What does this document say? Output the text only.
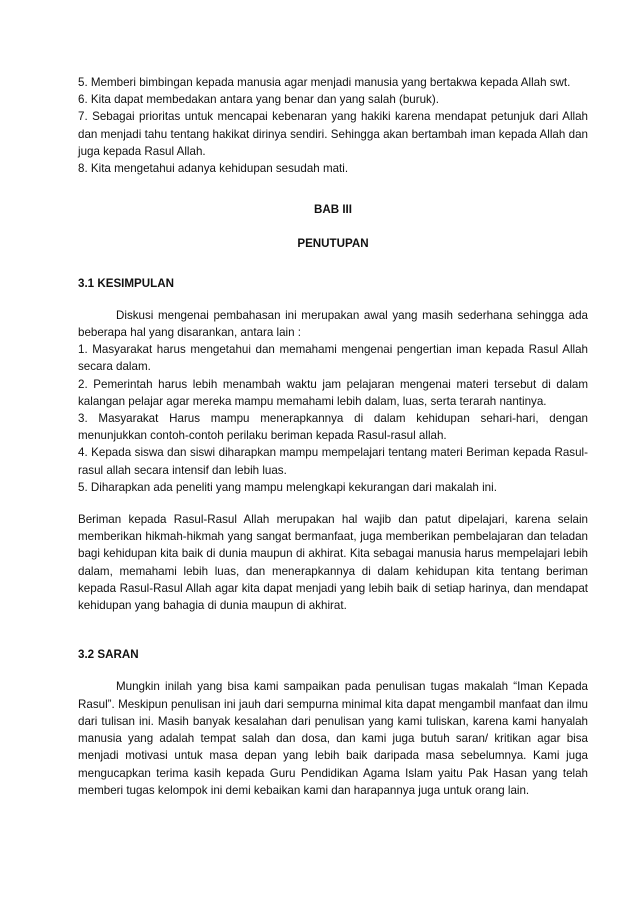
5. Memberi bimbingan kepada manusia agar menjadi manusia yang bertakwa kepada Allah swt.

6. Kita dapat membedakan antara yang benar dan yang salah (buruk).

7. Sebagai prioritas untuk mencapai kebenaran yang hakiki karena mendapat petunjuk dari Allah dan menjadi tahu tentang hakikat dirinya sendiri. Sehingga akan bertambah iman kepada Allah dan juga kepada Rasul Allah.

8. Kita mengetahui adanya kehidupan sesudah mati.

BAB III

PENUTUPAN

3.1 KESIMPULAN

Diskusi mengenai pembahasan ini merupakan awal yang masih sederhana sehingga ada beberapa hal yang disarankan, antara lain :

1. Masyarakat harus mengetahui dan memahami mengenai pengertian iman kepada Rasul Allah secara dalam.

2. Pemerintah harus lebih menambah waktu jam pelajaran mengenai materi tersebut di dalam kalangan pelajar agar mereka mampu memahami lebih dalam, luas, serta terarah nantinya.

3. Masyarakat Harus mampu menerapkannya di dalam kehidupan sehari-hari, dengan menunjukkan contoh-contoh perilaku beriman kepada Rasul-rasul allah.

4. Kepada siswa dan siswi diharapkan mampu mempelajari tentang materi Beriman kepada Rasul-rasul allah secara intensif dan lebih luas.

5. Diharapkan ada peneliti yang mampu melengkapi kekurangan dari makalah ini.

Beriman kepada Rasul-Rasul Allah merupakan hal wajib dan patut dipelajari, karena selain memberikan hikmah-hikmah yang sangat bermanfaat, juga memberikan pembelajaran dan teladan bagi kehidupan kita baik di dunia maupun di akhirat. Kita sebagai manusia harus mempelajari lebih dalam, memahami lebih luas, dan menerapkannya di dalam kehidupan kita tentang beriman kepada Rasul-Rasul Allah agar kita dapat menjadi yang lebih baik di setiap harinya, dan mendapat kehidupan yang bahagia di dunia maupun di akhirat.

3.2 SARAN

Mungkin inilah yang bisa kami sampaikan pada penulisan tugas makalah “Iman Kepada Rasul”. Meskipun penulisan ini jauh dari sempurna minimal kita dapat mengambil manfaat dan ilmu dari tulisan ini. Masih banyak kesalahan dari penulisan yang kami tuliskan, karena kami hanyalah manusia yang adalah tempat salah dan dosa, dan kami juga butuh saran/ kritikan agar bisa menjadi motivasi untuk masa depan yang lebih baik daripada masa sebelumnya. Kami juga mengucapkan terima kasih kepada Guru Pendidikan Agama Islam yaitu Pak Hasan yang telah memberi tugas kelompok ini demi kebaikan kami dan harapannya juga untuk orang lain.
